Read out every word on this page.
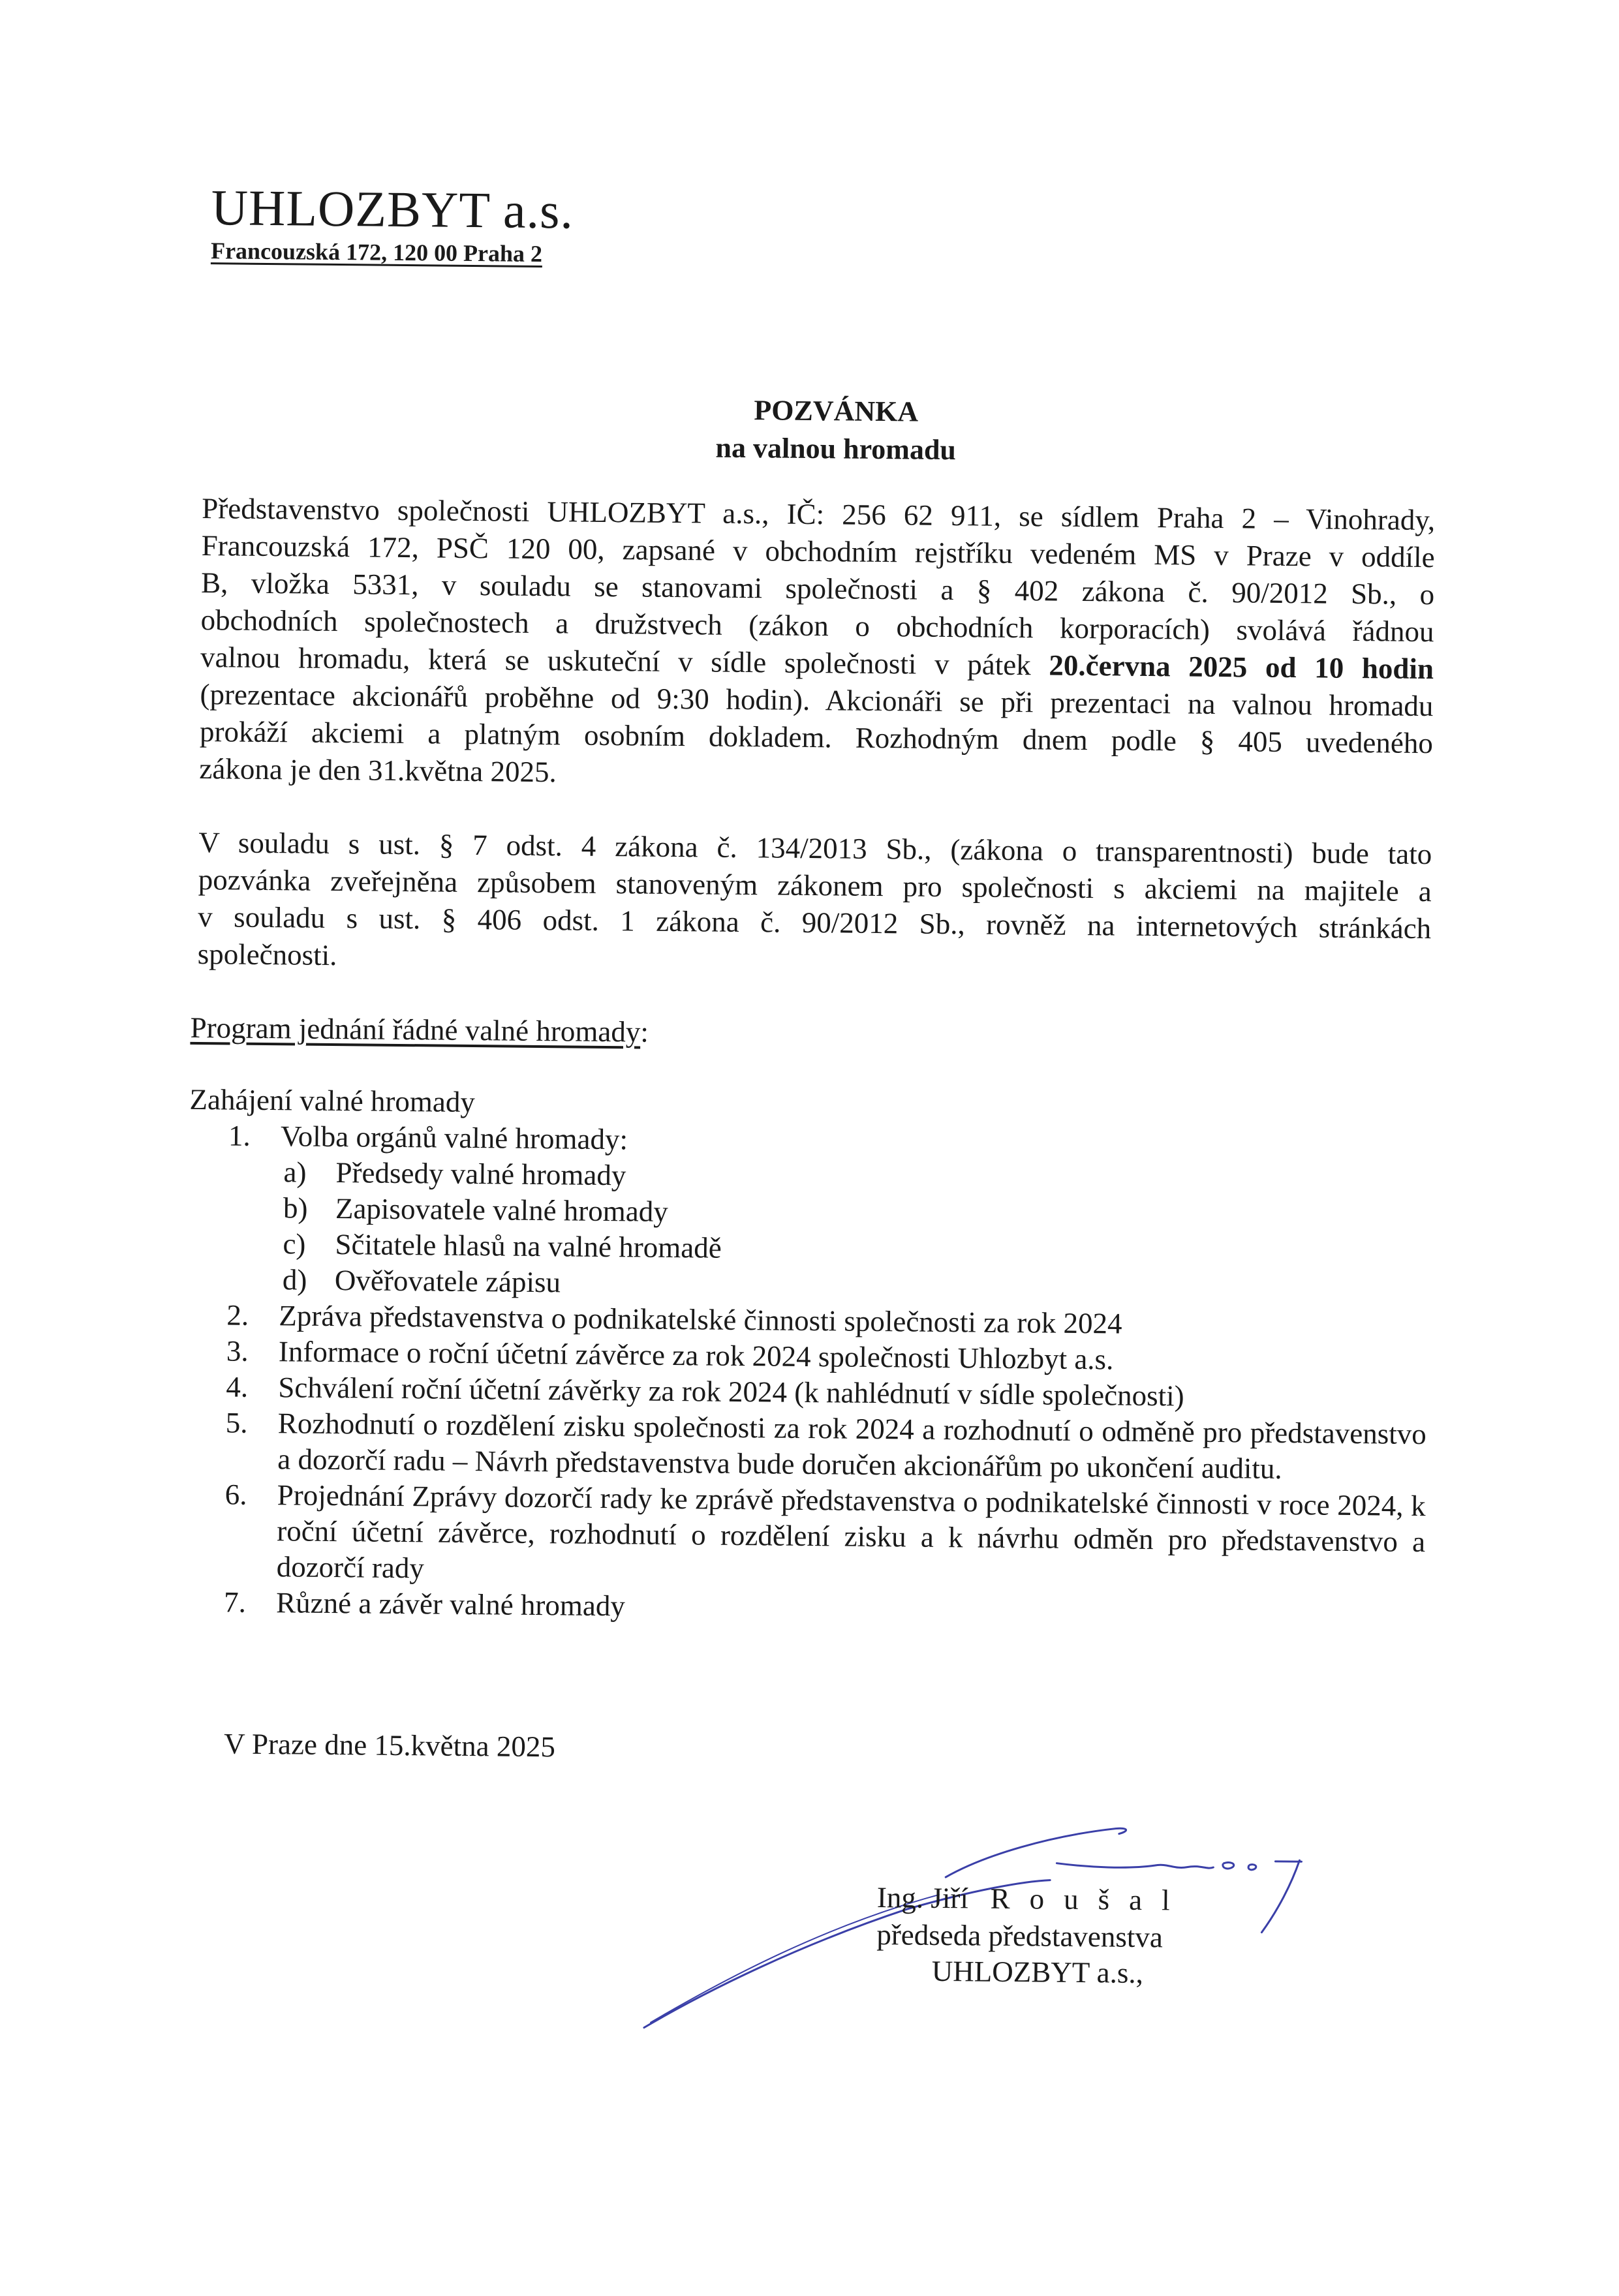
UHLOZBYT a.s.
Francouzská 172, 120 00 Praha 2
POZVÁNKA
na valnou hromadu
Představenstvo společnosti UHLOZBYT a.s., IČ: 256 62 911, se sídlem Praha 2 – Vinohrady,
Francouzská 172, PSČ 120 00, zapsané v obchodním rejstříku vedeném MS v Praze v oddíle
B, vložka 5331, v souladu se stanovami společnosti a § 402 zákona č. 90/2012 Sb., o
obchodních společnostech a družstvech (zákon o obchodních korporacích) svolává řádnou
valnou hromadu, která se uskuteční v sídle společnosti v pátek 20.června 2025 od 10 hodin
(prezentace akcionářů proběhne od 9:30 hodin). Akcionáři se při prezentaci na valnou hromadu
prokáží akciemi a platným osobním dokladem. Rozhodným dnem podle § 405 uvedeného
zákona je den 31.května 2025.
V souladu s ust. § 7 odst. 4 zákona č. 134/2013 Sb., (zákona o transparentnosti) bude tato
pozvánka zveřejněna způsobem stanoveným zákonem pro společnosti s akciemi na majitele a
v souladu s ust. § 406 odst. 1 zákona č. 90/2012 Sb., rovněž na internetových stránkách
společnosti.
Program jednání řádné valné hromady:
Zahájení valné hromady
1. Volba orgánů valné hromady:
a) Předsedy valné hromady
b) Zapisovatele valné hromady
c) Sčitatele hlasů na valné hromadě
d) Ověřovatele zápisu
2. Zpráva představenstva o podnikatelské činnosti společnosti za rok 2024
3. Informace o roční účetní závěrce za rok 2024 společnosti Uhlozbyt a.s.
4. Schválení roční účetní závěrky za rok 2024 (k nahlédnutí v sídle společnosti)
5. Rozhodnutí o rozdělení zisku společnosti za rok 2024 a rozhodnutí o odměně pro představenstvo a dozorčí radu – Návrh představenstva bude doručen akcionářům po ukončení auditu.
6. Projednání Zprávy dozorčí rady ke zprávě představenstva o podnikatelské činnosti v roce 2024, k roční účetní závěrce, rozhodnutí o rozdělení zisku a k návrhu odměn pro představenstvo a dozorčí rady
7. Různé a závěr valné hromady
V Praze dne 15.května 2025
Ing. Jiří Roušal
předseda představenstva
UHLOZBYT a.s.,
